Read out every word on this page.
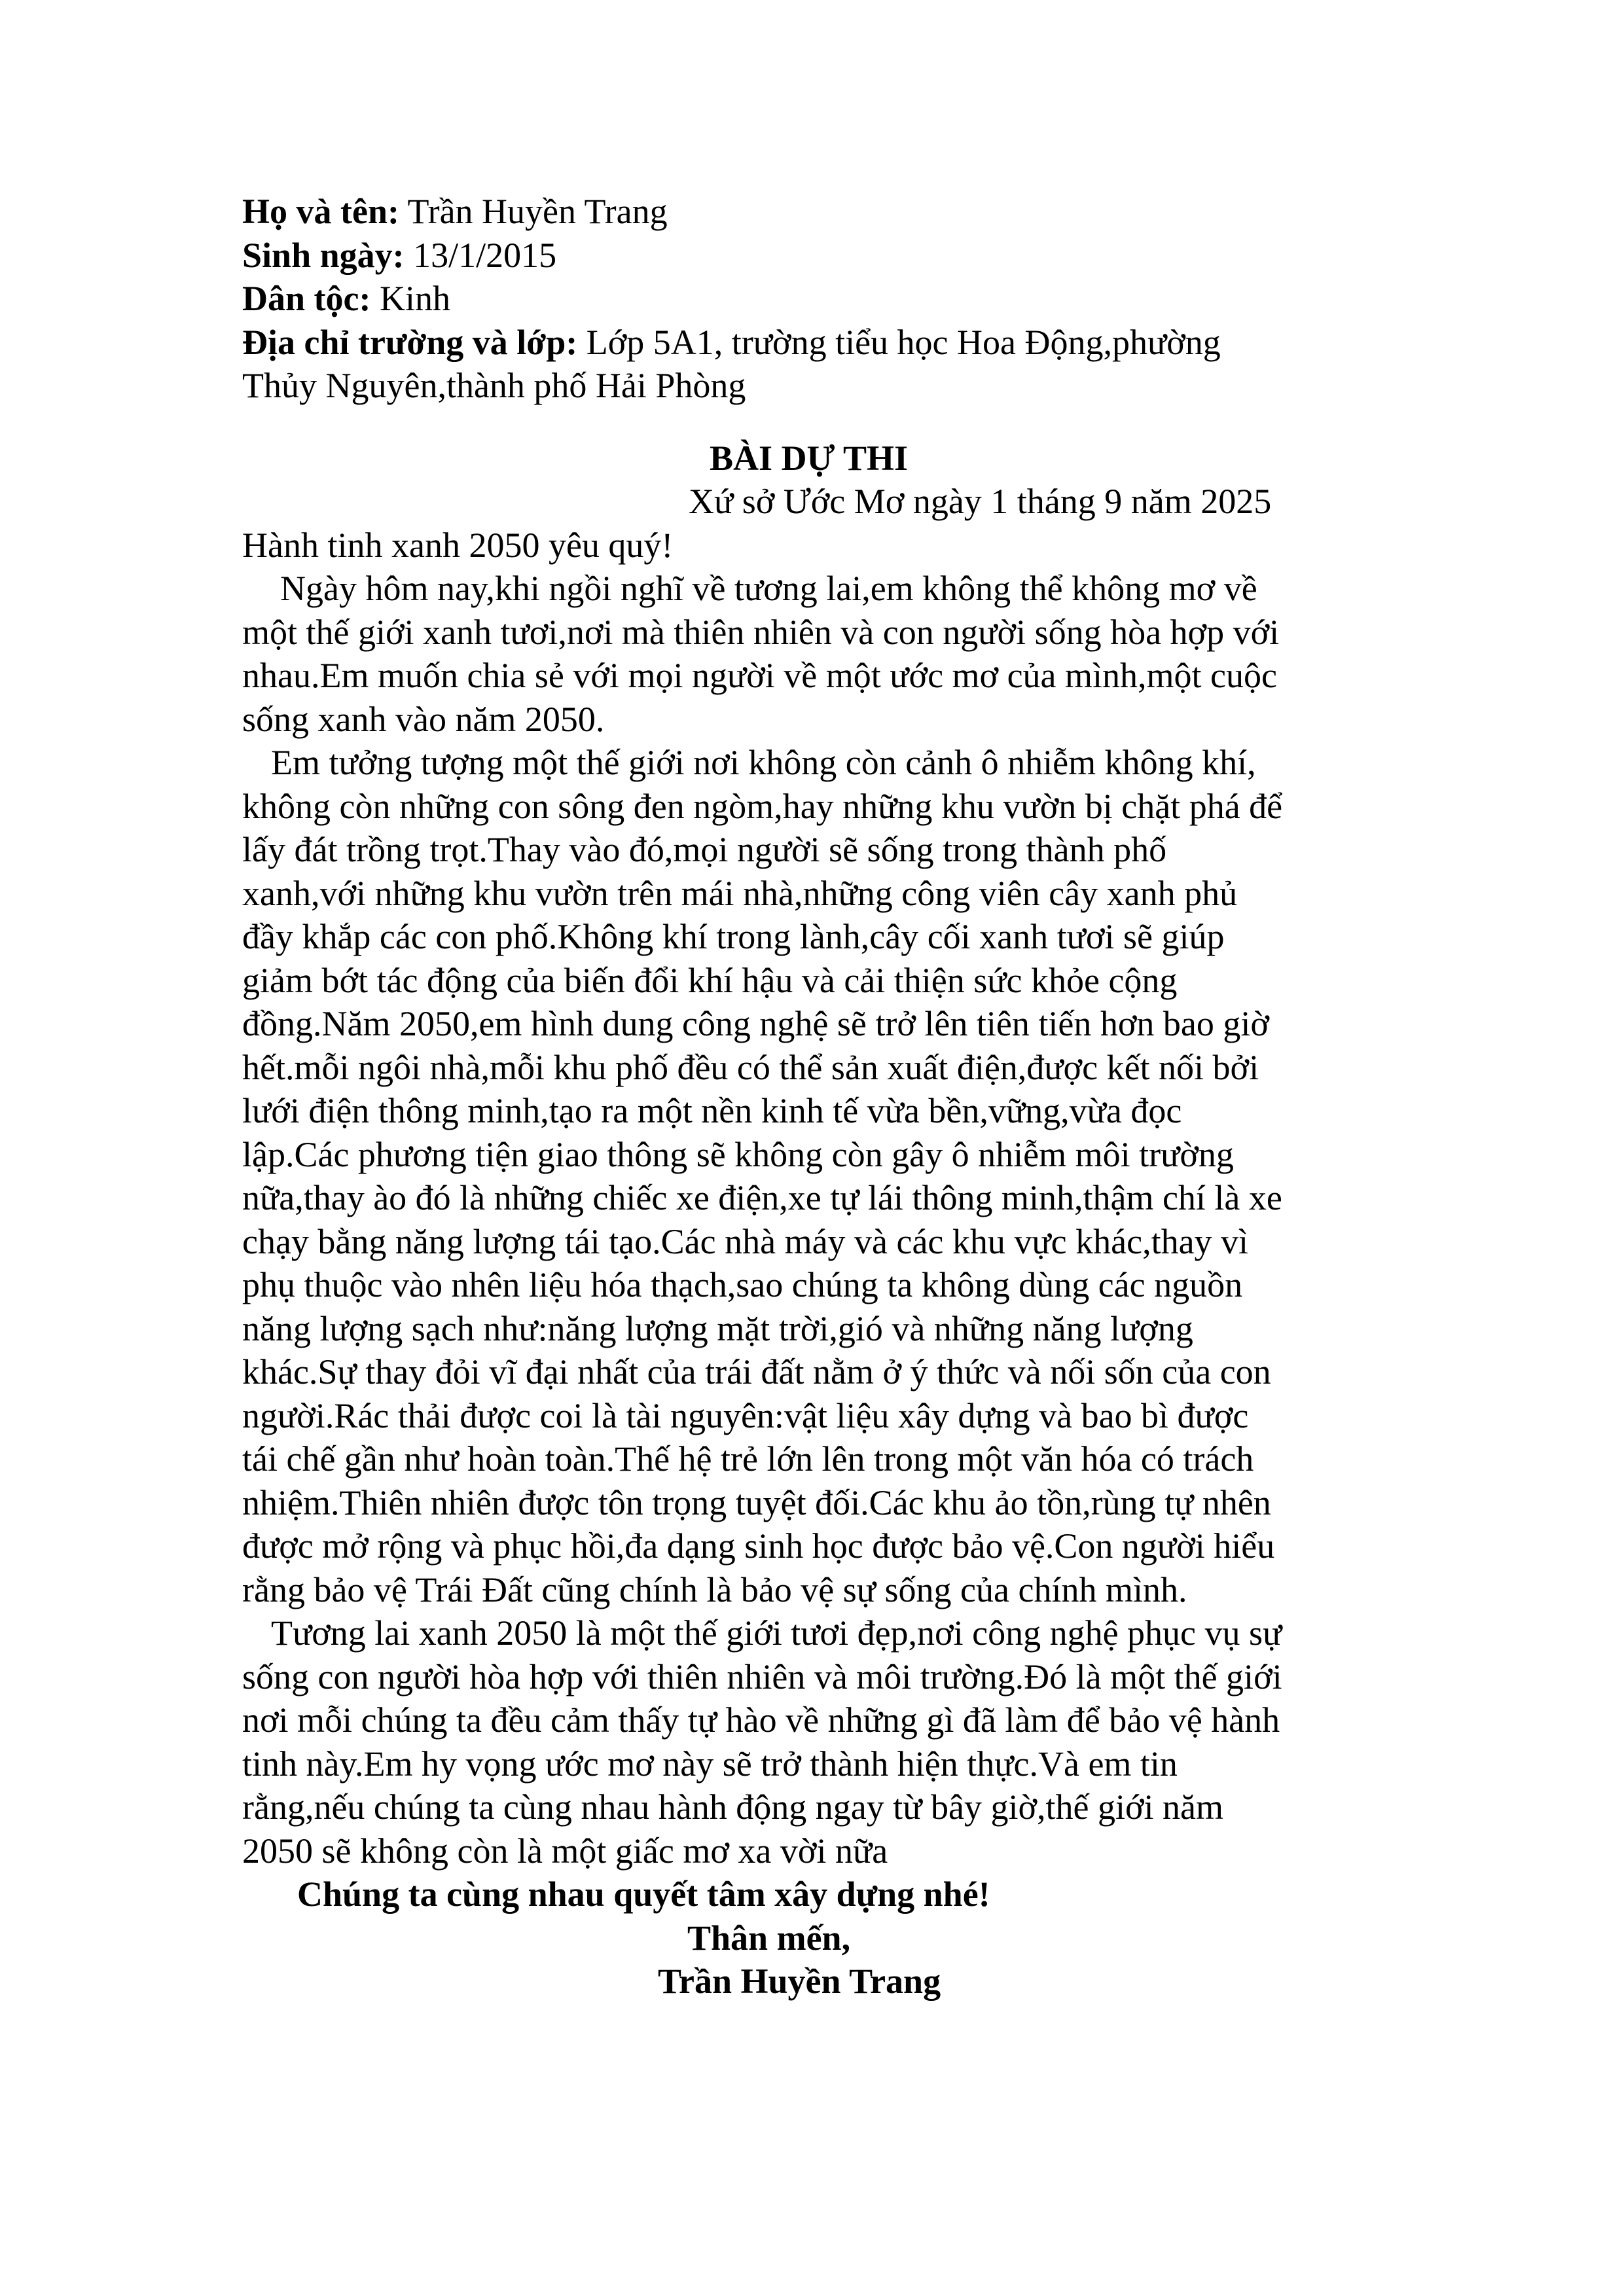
Họ và tên: Trần Huyền Trang

Sinh ngày: 13/1/2015

Dân tộc: Kinh

Địa chỉ trường và lớp: Lớp 5A1, trường tiểu học Hoa Động,phường

Thủy Nguyên,thành phố Hải Phòng

BÀI DỰ THI

Xứ sở Ước Mơ ngày 1 tháng 9 năm 2025

Hành tinh xanh 2050 yêu quý!

Ngày hôm nay,khi ngồi nghĩ về tương lai,em không thể không mơ về

một thế giới xanh tươi,nơi mà thiên nhiên và con người sống hòa hợp với

nhau.Em muốn chia sẻ với mọi người về một ước mơ của mình,một cuộc

sống xanh vào năm 2050.

Em tưởng tượng một thế giới nơi không còn cảnh ô nhiễm không khí,

không còn những con sông đen ngòm,hay những khu vườn bị chặt phá để

lấy đát trồng trọt.Thay vào đó,mọi người sẽ sống trong thành phố

xanh,với những khu vườn trên mái nhà,những công viên cây xanh phủ

đầy khắp các con phố.Không khí trong lành,cây cối xanh tươi sẽ giúp

giảm bớt tác động của biến đổi khí hậu và cải thiện sức khỏe cộng

đồng.Năm 2050,em hình dung công nghệ sẽ trở lên tiên tiến hơn bao giờ

hết.mỗi ngôi nhà,mỗi khu phố đều có thể sản xuất điện,được kết nối bởi

lưới điện thông minh,tạo ra một nền kinh tế vừa bền,vững,vừa đọc

lập.Các phương tiện giao thông sẽ không còn gây ô nhiễm môi trường

nữa,thay ào đó là những chiếc xe điện,xe tự lái thông minh,thậm chí là xe

chạy bằng năng lượng tái tạo.Các nhà máy và các khu vực khác,thay vì

phụ thuộc vào nhên liệu hóa thạch,sao chúng ta không dùng các nguồn

năng lượng sạch như:năng lượng mặt trời,gió và những năng lượng

khác.Sự thay đỏi vĩ đại nhất của trái đất nằm ở ý thức và nối sốn của con

người.Rác thải được coi là tài nguyên:vật liệu xây dựng và bao bì được

tái chế gần như hoàn toàn.Thế hệ trẻ lớn lên trong một văn hóa có trách

nhiệm.Thiên nhiên được tôn trọng tuyệt đối.Các khu ảo tồn,rùng tự nhên

được mở rộng và phục hồi,đa dạng sinh học được bảo vệ.Con người hiểu

rằng bảo vệ Trái Đất cũng chính là bảo vệ sự sống của chính mình.

Tương lai xanh 2050 là một thế giới tươi đẹp,nơi công nghệ phục vụ sự

sống con người hòa hợp với thiên nhiên và môi trường.Đó là một thế giới

nơi mỗi chúng ta đều cảm thấy tự hào về những gì đã làm để bảo vệ hành

tinh này.Em hy vọng ước mơ này sẽ trở thành hiện thực.Và em tin

rằng,nếu chúng ta cùng nhau hành động ngay từ bây giờ,thế giới năm

2050 sẽ không còn là một giấc mơ xa vời nữa

Chúng ta cùng nhau quyết tâm xây dựng nhé!

Thân mến,

Trần Huyền Trang
